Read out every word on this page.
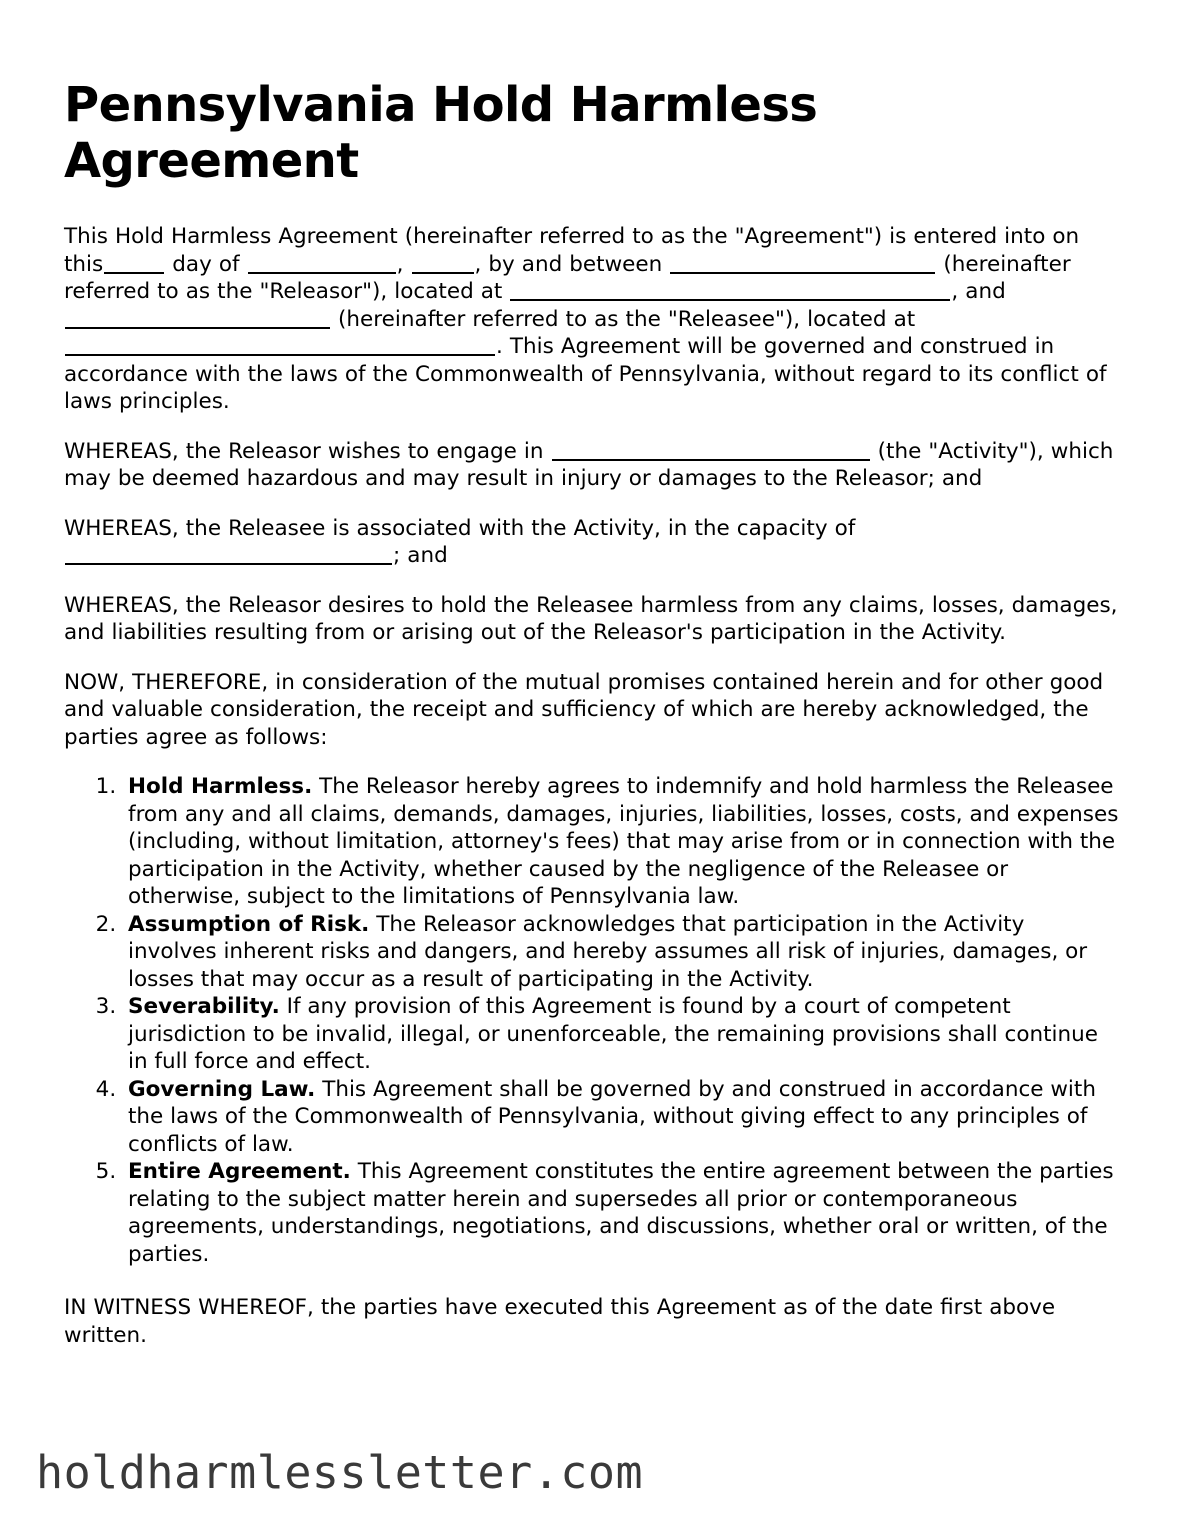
Pennsylvania Hold Harmless Agreement

This Hold Harmless Agreement (hereinafter referred to as the "Agreement") is entered into on this	day of	,	, by and between	(hereinafter referred to as the "Releasor"), located at	, and  (hereinafter referred to as the "Releasee"), located at . This Agreement will be governed and construed in accordance with the laws of the Commonwealth of Pennsylvania, without regard to its conflict of laws principles.

WHEREAS, the Releasor wishes to engage in	(the "Activity"), which may be deemed hazardous and may result in injury or damages to the Releasor; and

WHEREAS, the Releasee is associated with the Activity, in the capacity of ; and

WHEREAS, the Releasor desires to hold the Releasee harmless from any claims, losses, damages, and liabilities resulting from or arising out of the Releasor's participation in the Activity.

NOW, THEREFORE, in consideration of the mutual promises contained herein and for other good and valuable consideration, the receipt and sufficiency of which are hereby acknowledged, the parties agree as follows:

1. Hold Harmless. The Releasor hereby agrees to indemnify and hold harmless the Releasee from any and all claims, demands, damages, injuries, liabilities, losses, costs, and expenses (including, without limitation, attorney's fees) that may arise from or in connection with the participation in the Activity, whether caused by the negligence of the Releasee or otherwise, subject to the limitations of Pennsylvania law.
2. Assumption of Risk. The Releasor acknowledges that participation in the Activity involves inherent risks and dangers, and hereby assumes all risk of injuries, damages, or losses that may occur as a result of participating in the Activity.
3. Severability. If any provision of this Agreement is found by a court of competent jurisdiction to be invalid, illegal, or unenforceable, the remaining provisions shall continue in full force and effect.
4. Governing Law. This Agreement shall be governed by and construed in accordance with the laws of the Commonwealth of Pennsylvania, without giving effect to any principles of conflicts of law.
5. Entire Agreement. This Agreement constitutes the entire agreement between the parties relating to the subject matter herein and supersedes all prior or contemporaneous agreements, understandings, negotiations, and discussions, whether oral or written, of the parties.

IN WITNESS WHEREOF, the parties have executed this Agreement as of the date first above written.

holdharmlessletter.com
